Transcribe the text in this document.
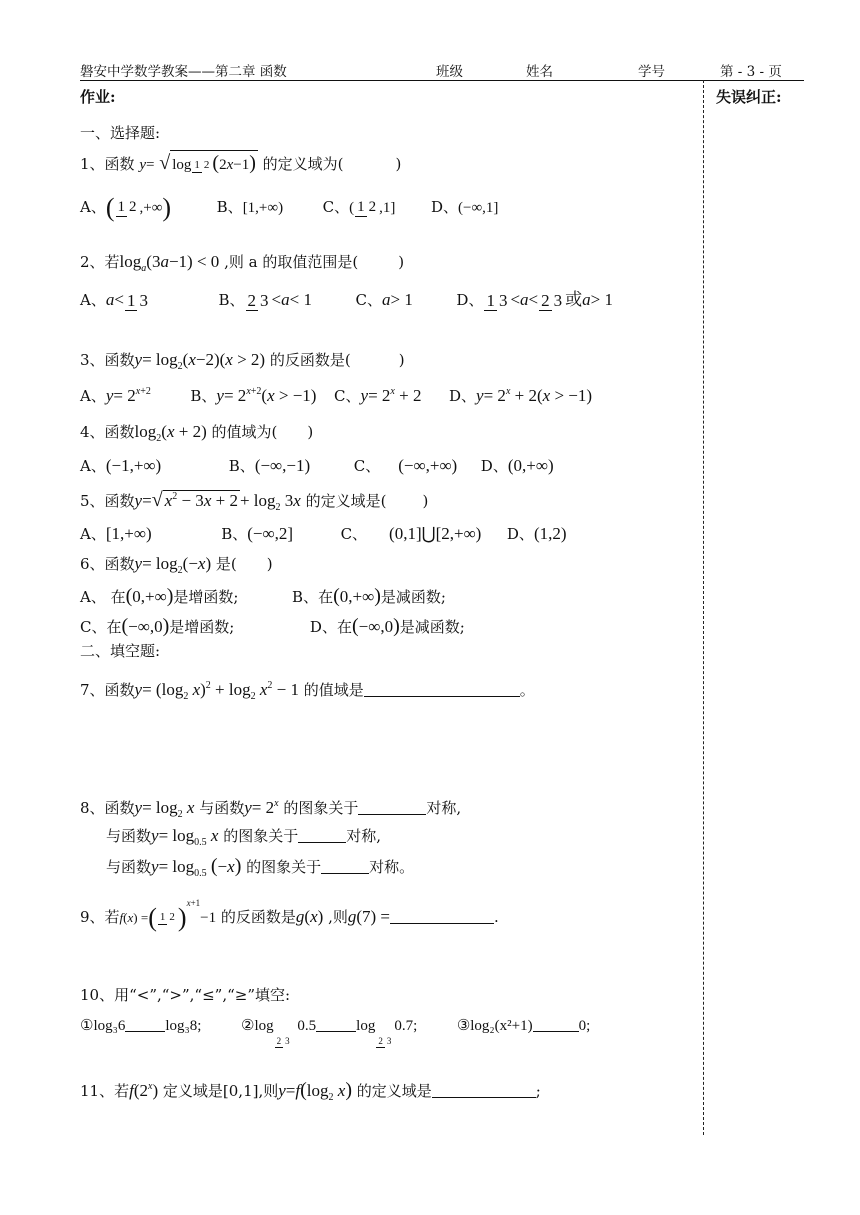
磐安中学数学教案——第二章 函数	班级	姓名	学号	第 - 3 - 页
作业:	失误纠正:
一、选择题:
1、函数 y= √ log 1 2 (2x−1) 的定义域为(	)
A、( 1 2 ,+∞)	B、[1,+∞)	C、( 1 2 ,1] D、(−∞,1]
2、若loga(3a−1) < 0 ,则 a 的取值范围是(	)
A、a<1 3	B、 2 3<a< 1	C、a> 1	D、 1 3<a<2 3 或a> 1
3、函数y= log2(x−2)(x > 2) 的反函数是(	)
A、y= 2x+2	B、y= 2x+2(x > −1) C、y= 2x + 2 D、y= 2x + 2(x > −1)
4、函数log2(x + 2) 的值域为( )
A、(−1,+∞)	B、(−∞,−1)	C、 (−∞,+∞) D、(0,+∞)
5、函数y=√ x2 − 3x + 2+ log2 3x 的定义域是( )
A、[1,+∞)	B、(−∞,2]	C、 (0,1]⋃[2,+∞) D、(1,2)
6、函数y= log2(−x) 是( )
A、 在(0,+∞)是增函数;	B、在(0,+∞)是减函数;
C、在(−∞,0)是增函数;	D、在(−∞,0)是减函数;
二、填空题:
7、函数y= (log2 x)2 + log2 x2 − 1 的值域是	。
8、函数y= log2 x 与函数y= 2x 的图象关于	对称,
与函数y= log0.5 x 的图象关于	对称,
与函数y= log0.5 (−x) 的图象关于	对称。
9、若f(x) =( 1 2 )x+1−1 的反函数是g(x) ,则g(7) =	.
10、用“<”,“>”,“≤”,“≥”填空:
①log₃6	log₃8;	②log2 3 0.5	log2 30.7;	③log₂(x²+1)	0;
11、若f(2x) 定义域是[0,1],则y=f(log2 x) 的定义域是	;
